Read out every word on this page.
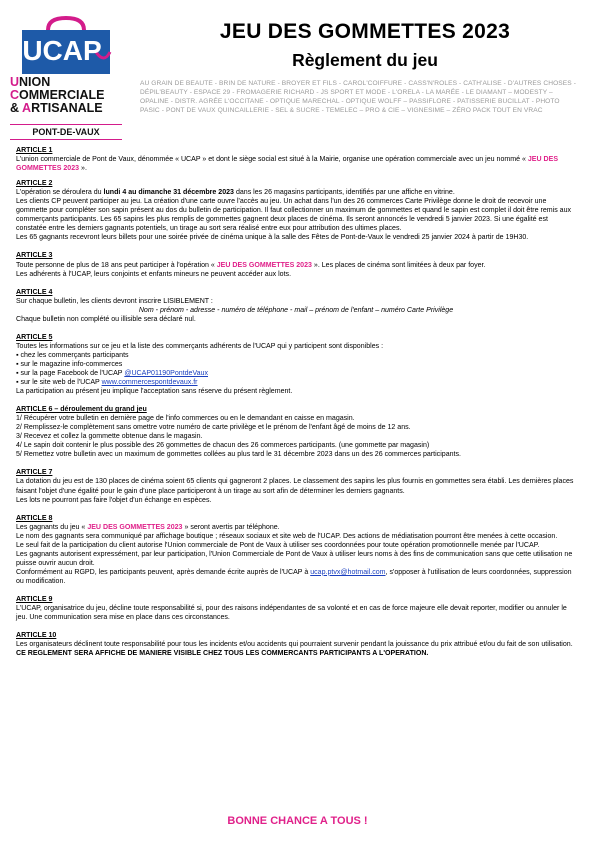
UCAP
UNION
COMMERCIALE
& ARTISANALE
PONT-DE-VAUX
JEU DES GOMMETTES 2023
Règlement du jeu
AU GRAIN DE BEAUTE - BRIN DE NATURE - BROYER ET FILS - CAROL'COIFFURE - CASS'N'ROLES - CATH'ALISE - D'AUTRES CHOSES - DÉPIL'BEAUTY - ESPACE 29 - FROMAGERIE RICHARD - JS SPORT ET MODE - L'ORELA - LA MARÉE - LE DIAMANT – MODESTY – OPALINE - DISTR. AGRÉE L'OCCITANE - OPTIQUE MARECHAL - OPTIQUE WOLFF – PASSIFLORE - PATISSERIE BUCILLAT - PHOTO PASIC - PONT DE VAUX QUINCAILLERIE - SEL & SUCRE - TEMELEC – PRO & CIE – VIGNESIME – ZÉRO PACK TOUT EN VRAC
ARTICLE 1

L'union commerciale de Pont de Vaux, dénommée « UCAP » et dont le siège social est situé à la Mairie, organise une opération commerciale avec un jeu nommé « JEU DES GOMMETTES 2023 ».

ARTICLE 2

L'opération se déroulera du lundi 4 au dimanche 31 décembre 2023 dans les 26 magasins participants, identifiés par une affiche en vitrine.

Les clients CP peuvent participer au jeu. La création d'une carte ouvre l'accès au jeu. Un achat dans l'un des 26 commerces Carte Privilège donne le droit de recevoir une gommette pour compléter son sapin présent au dos du bulletin de participation. Il faut collectionner un maximum de gommettes et quand le sapin est complet il doit être remis aux commerçants participants. Les 65 sapins les plus remplis de gommettes gagnent deux places de cinéma. Ils seront annoncés le vendredi 5 janvier 2023. Si une égalité est constatée entre les derniers gagnants potentiels, un tirage au sort sera réalisé entre eux pour attribution des ultimes places.

Les 65 gagnants recevront leurs billets pour une soirée privée de cinéma unique à la salle des Fêtes de Pont-de-Vaux le vendredi 25 janvier 2024 à partir de 19H30.

ARTICLE 3

Toute personne de plus de 18 ans peut participer à l'opération « JEU DES GOMMETTES 2023 ». Les places de cinéma sont limitées à deux par foyer.

Les adhérents à l'UCAP, leurs conjoints et enfants mineurs ne peuvent accéder aux lots.

ARTICLE 4

Sur chaque bulletin, les clients devront inscrire LISIBLEMENT :

Nom - prénom - adresse - numéro de téléphone - mail – prénom de l'enfant – numéro Carte Privilège

Chaque bulletin non complété ou illisible sera déclaré nul.

ARTICLE 5

Toutes les informations sur ce jeu et la liste des commerçants adhérents de l'UCAP qui y participent sont disponibles :

▪ chez les commerçants participants

▪ sur le magazine info-commerces

▪ sur la page Facebook de l'UCAP @UCAP01190PontdeVaux

▪ sur le site web de l'UCAP www.commercespontdevaux.fr

La participation au présent jeu implique l'acceptation sans réserve du présent règlement.

ARTICLE 6 – déroulement du grand jeu

1/ Récupérer votre bulletin en dernière page de l'info commerces ou en le demandant en caisse en magasin.

2/ Remplissez-le complètement sans omettre votre numéro de carte privilège et le prénom de l'enfant âgé de moins de 12 ans.

3/ Recevez et collez la gommette obtenue dans le magasin.

4/ Le sapin doit contenir le plus possible des 26 gommettes de chacun des 26 commerces participants. (une gommette par magasin)

5/ Remettez votre bulletin avec un maximum de gommettes collées au plus tard le 31 décembre 2023 dans un des 26 commerces participants.

ARTICLE 7

La dotation du jeu est de 130 places de cinéma soient 65 clients qui gagneront 2 places. Le classement des sapins les plus fournis en gommettes sera établi. Les dernières places faisant l'objet d'une égalité pour le gain d'une place participeront à un tirage au sort afin de déterminer les derniers gagnants.

Les lots ne pourront pas faire l'objet d'un échange en espèces.

ARTICLE 8

Les gagnants du jeu « JEU DES GOMMETTES 2023 » seront avertis par téléphone.

Le nom des gagnants sera communiqué par affichage boutique ; réseaux sociaux et site web de l'UCAP. Des actions de médiatisation pourront être menées à cette occasion.

Le seul fait de la participation du client autorise l'Union commerciale de Pont de Vaux à utiliser ses coordonnées pour toute opération promotionnelle menée par l'UCAP.

Les gagnants autorisent expressément, par leur participation, l'Union Commerciale de Pont de Vaux à utiliser leurs noms à des fins de communication sans que cette utilisation ne puisse ouvrir aucun droit.

Conformément au RGPD, les participants peuvent, après demande écrite auprès de l'UCAP à ucap.ptvx@hotmail.com, s'opposer à l'utilisation de leurs coordonnées, suppression ou modification.

ARTICLE 9

L'UCAP, organisatrice du jeu, décline toute responsabilité si, pour des raisons indépendantes de sa volonté et en cas de force majeure elle devait reporter, modifier ou annuler le jeu. Une communication sera mise en place dans ces circonstances.

ARTICLE 10

Les organisateurs déclinent toute responsabilité pour tous les incidents et/ou accidents qui pourraient survenir pendant la jouissance du prix attribué et/ou du fait de son utilisation.

CE REGLEMENT SERA AFFICHE DE MANIERE VISIBLE CHEZ TOUS LES COMMERCANTS PARTICIPANTS A L'OPERATION.

BONNE CHANCE A TOUS !
